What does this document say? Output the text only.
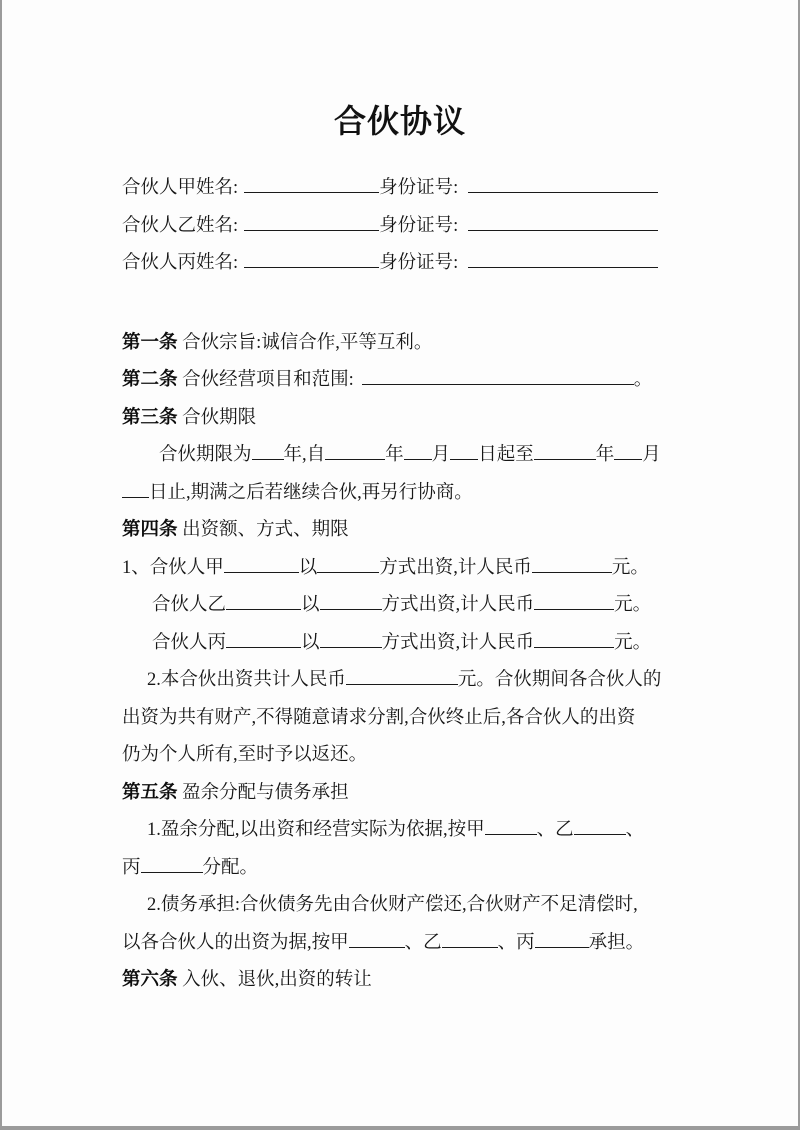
合伙协议
合伙人甲姓名:	身份证号:
合伙人乙姓名:	身份证号:
合伙人丙姓名:	身份证号:
第一条 合伙宗旨:诚信合作,平等互利。
第二条 合伙经营项目和范围:	。
第三条 合伙期限
合伙期限为 年,自	年 月 日起至	年 月
日止,期满之后若继续合伙,再另行协商。
第四条 出资额、方式、期限
1、合伙人甲	以	方式出资,计人民币	元。
合伙人乙	以	方式出资,计人民币	元。
合伙人丙	以	方式出资,计人民币	元。
2.本合伙出资共计人民币	元。合伙期间各合伙人的
出资为共有财产,不得随意请求分割,合伙终止后,各合伙人的出资
仍为个人所有,至时予以返还。
第五条 盈余分配与债务承担
1.盈余分配,以出资和经营实际为依据,按甲	、乙	、
丙	分配。
2.债务承担:合伙债务先由合伙财产偿还,合伙财产不足清偿时,
以各合伙人的出资为据,按甲	、乙	、丙	承担。
第六条 入伙、退伙,出资的转让
